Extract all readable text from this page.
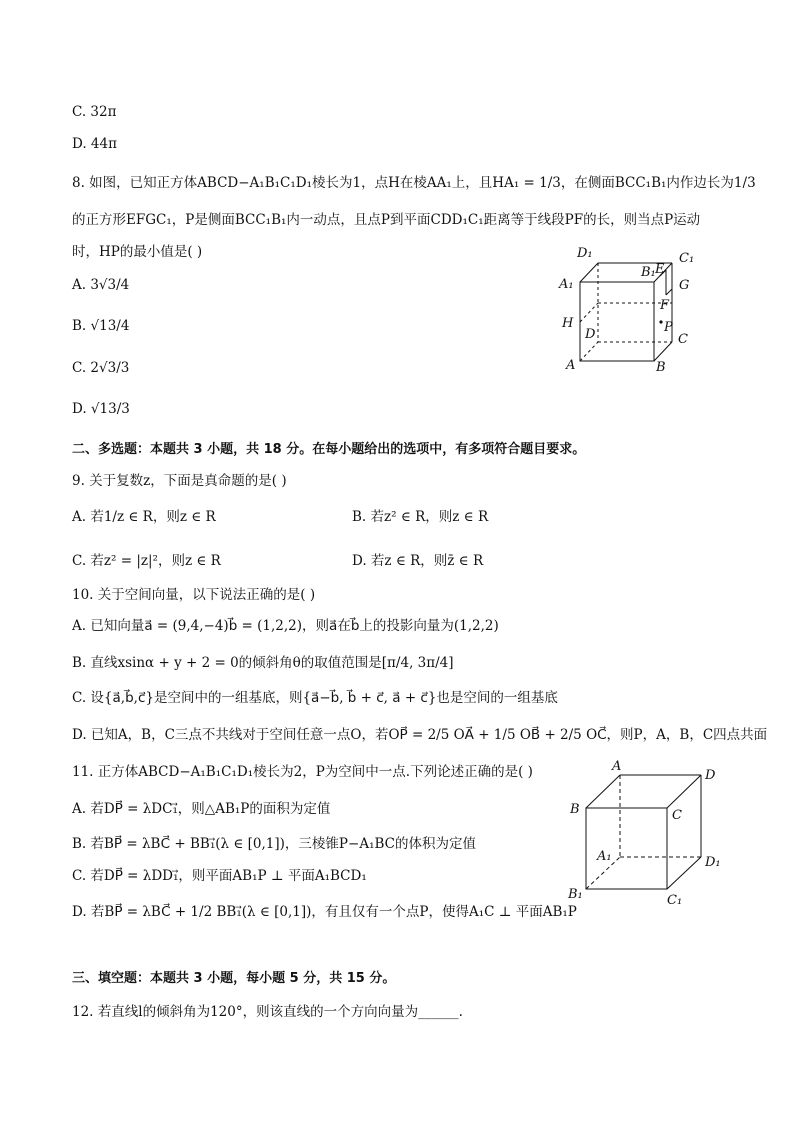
C. 32π
D. 44π
8. 如图，已知正方体ABCD−A₁B₁C₁D₁棱长为1，点H在棱AA₁上，且HA₁ = 1/3，在侧面BCC₁B₁内作边长为1/3
的正方形EFGC₁，P是侧面BCC₁B₁内一动点，且点P到平面CDD₁C₁距离等于线段PF的长，则当点P运动
时，HP的最小值是( )
A. 3√3/4
B. √13/4
C. 2√3/3
D. √13/3
D₁	C₁
A₁
B₁ E
G
F
H
D	P
C
A	B
二、多选题：本题共 3 小题，共 18 分。在每小题给出的选项中，有多项符合题目要求。
9. 关于复数z，下面是真命题的是( )
A. 若1/z ∈ R，则z ∈ R	B. 若z² ∈ R，则z ∈ R
C. 若z² = |z|²，则z ∈ R	D. 若z ∈ R，则z̄ ∈ R
10. 关于空间向量，以下说法正确的是( )
A. 已知向量a⃗ = (9,4,−4)b⃗ = (1,2,2)，则a⃗在b⃗上的投影向量为(1,2,2)
B. 直线xsinα + y + 2 = 0的倾斜角θ的取值范围是[π/4, 3π/4]
C. 设{a⃗,b⃗,c⃗}是空间中的一组基底，则{a⃗−b⃗, b⃗ + c⃗, a⃗ + c⃗}也是空间的一组基底
D. 已知A，B，C三点不共线对于空间任意一点O，若OP⃗ = 2/5 OA⃗ + 1/5 OB⃗ + 2/5 OC⃗，则P，A，B，C四点共面
11. 正方体ABCD−A₁B₁C₁D₁棱长为2，P为空间中一点.下列论述正确的是( )
A. 若DP⃗ = λDC₁⃗，则△AB₁P的面积为定值
B. 若BP⃗ = λBC⃗ + BB₁⃗(λ ∈ [0,1])，三棱锥P−A₁BC的体积为定值
C. 若DP⃗ = λDD₁⃗，则平面AB₁P ⊥ 平面A₁BCD₁
D. 若BP⃗ = λBC⃗ + 1/2 BB₁⃗(λ ∈ [0,1])，有且仅有一个点P，使得A₁C ⊥ 平面AB₁P
A
D
B	C
A₁	D₁
B₁	C₁
三、填空题：本题共 3 小题，每小题 5 分，共 15 分。
12. 若直线l的倾斜角为120°，则该直线的一个方向向量为______.
